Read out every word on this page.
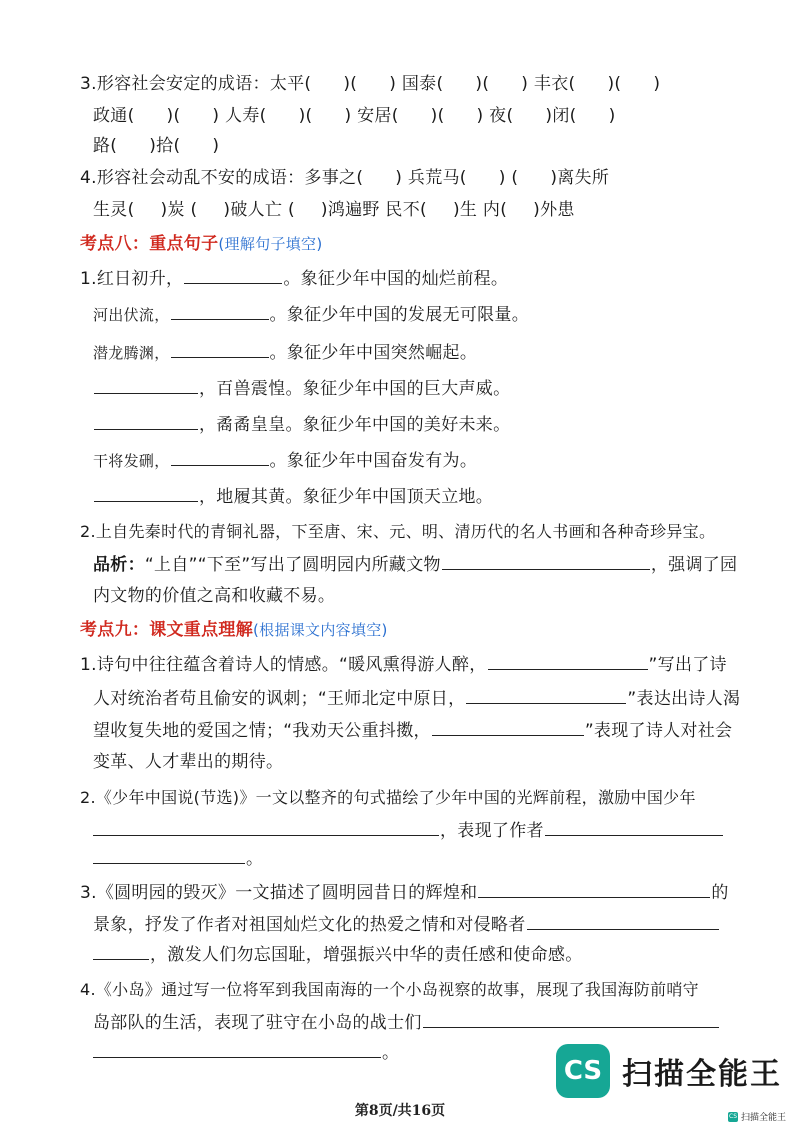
3.形容社会安定的成语：太平( )( ) 国泰( )( ) 丰衣( )( )
政通( )( ) 人寿( )( ) 安居( )( ) 夜( )闭( )
路( )拾( )
4.形容社会动乱不安的成语：多事之( ) 兵荒马( ) ( )离失所
生灵( )炭 ( )破人亡 ( )鸿遍野 民不( )生 内( )外患
考点八：重点句子(理解句子填空)
1.红日初升，	。象征少年中国的灿烂前程。
河出伏流，	。象征少年中国的发展无可限量。
潜龙腾渊，	。象征少年中国突然崛起。
，百兽震惶。象征少年中国的巨大声威。
，矞矞皇皇。象征少年中国的美好未来。
干将发硎，	。象征少年中国奋发有为。
，地履其黄。象征少年中国顶天立地。
2.上自先秦时代的青铜礼器，下至唐、宋、元、明、清历代的名人书画和各种奇珍异宝。
品析：“上自”“下至”写出了圆明园内所藏文物	，强调了园
内文物的价值之高和收藏不易。
考点九：课文重点理解(根据课文内容填空)
1.诗句中往往蕴含着诗人的情感。“暖风熏得游人醉，	”写出了诗
人对统治者苟且偷安的讽刺；“王师北定中原日，	”表达出诗人渴
望收复失地的爱国之情；“我劝天公重抖擞，	”表现了诗人对社会
变革、人才辈出的期待。
2.《少年中国说(节选)》一文以整齐的句式描绘了少年中国的光辉前程，激励中国少年
，表现了作者
。
3.《圆明园的毁灭》一文描述了圆明园昔日的辉煌和	的
景象，抒发了作者对祖国灿烂文化的热爱之情和对侵略者
，激发人们勿忘国耻，增强振兴中华的责任感和使命感。
4.《小岛》通过写一位将军到我国南海的一个小岛视察的故事，展现了我国海防前哨守
岛部队的生活，表现了驻守在小岛的战士们
。
CS 扫描全能王
第8页/共16页	CS 扫描全能王
